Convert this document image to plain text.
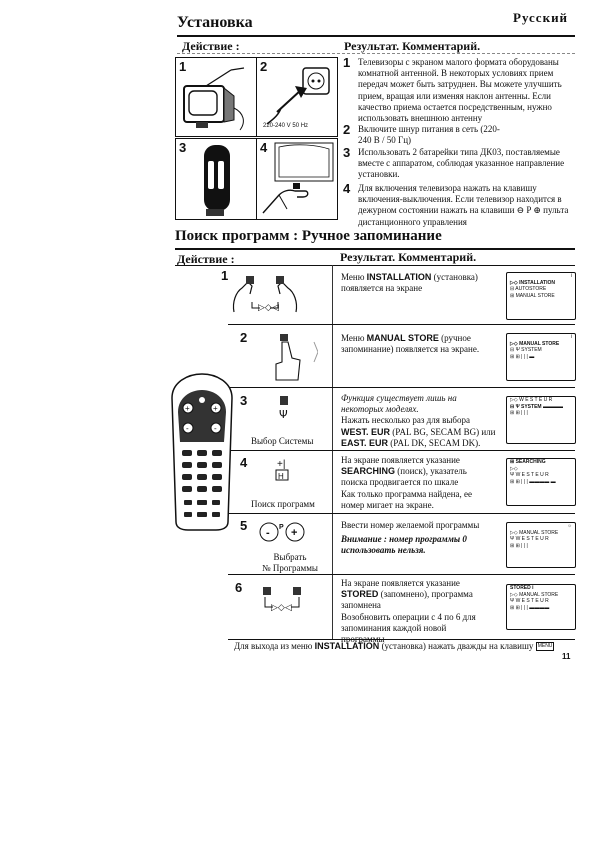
Установка	Русский
Действие :	Результат. Комментарий.
1	2
220-240 V 50 Hz
3
1.5 V
4
1 Телевизоры с экраном малого формата оборудованы комнатной антенной. В некоторых условиях прием передач может быть затруднен. Вы можете улучшить прием, вращая или изменяя наклон антенны. Если качество приема остается посредственным, нужно использовать внешнюю антенну
2 Включите шнур питания в сеть (220-240 В / 50 Гц)
3 Использовать 2 батарейки типа ДК03, поставляемые вместе с аппаратом, соблюдая указанное направление установки.
4 Для включения телевизора нажать на клавишу включения-выключения. Если телевизор находится в дежурном состоянии нажать на клавиши ⊖ P ⊕ пульта дистанционного управления
Поиск программ : Ручное запоминание
Действие :	Результат. Комментарий.
+	+
-	-
1
▷◇◁
Меню INSTALLATION (установка)
появляется на экране
i
▷◇ INSTALLATION
⊟ AUTOSTORE
⊞ MANUAL STORE
2	Меню MANUAL STORE (ручное
запоминание) появляется на экране.
i
▷◇ MANUAL STORE
⊟ Ψ SYSTEM
⊞ ⊞ | | | ▬
3
Ψ
Выбор Системы
Функция существует лишь на
некоторых моделях.
Нажать несколько раз для выбора
WEST. EUR (PAL BG, SECAM BG) или
EAST. EUR (PAL DK, SECAM DK).
▷◇ W E S T E U R
⊟ Ψ SYSTEM ▬▬▬▬
⊞ ⊞ | | |
4	+|
H
Поиск программ
На экране появляется указание
SEARCHING (поиск), указатель
поиска продвигается по шкале
Как только программа найдена, ее
номер мигает на экране.
⊞ SEARCHING
▷◇
Ψ W E S T E U R
⊞ ⊞ | | | ▬▬▬▬ ▬
5 - P +
Выбрать
№ Программы
Ввести номер желаемой программы
Внимание : номер программы 0
использовать нельзя.
☼
▷◇ MANUAL STORE
Ψ W E S T E U R
⊞ ⊞ | | |
6
▷◇◁
На экране появляется указание
STORED (запомнено), программа
запомнена
Возобновить операции с 4 по 6 для
запоминания каждой новой
программы
STORED i
▷◇ MANUAL STORE
Ψ W E S T E U R
⊞ ⊞ | | | ▬▬▬▬
Для выхода из меню INSTALLATION (установка) нажать дважды на клавишу MENU
11
